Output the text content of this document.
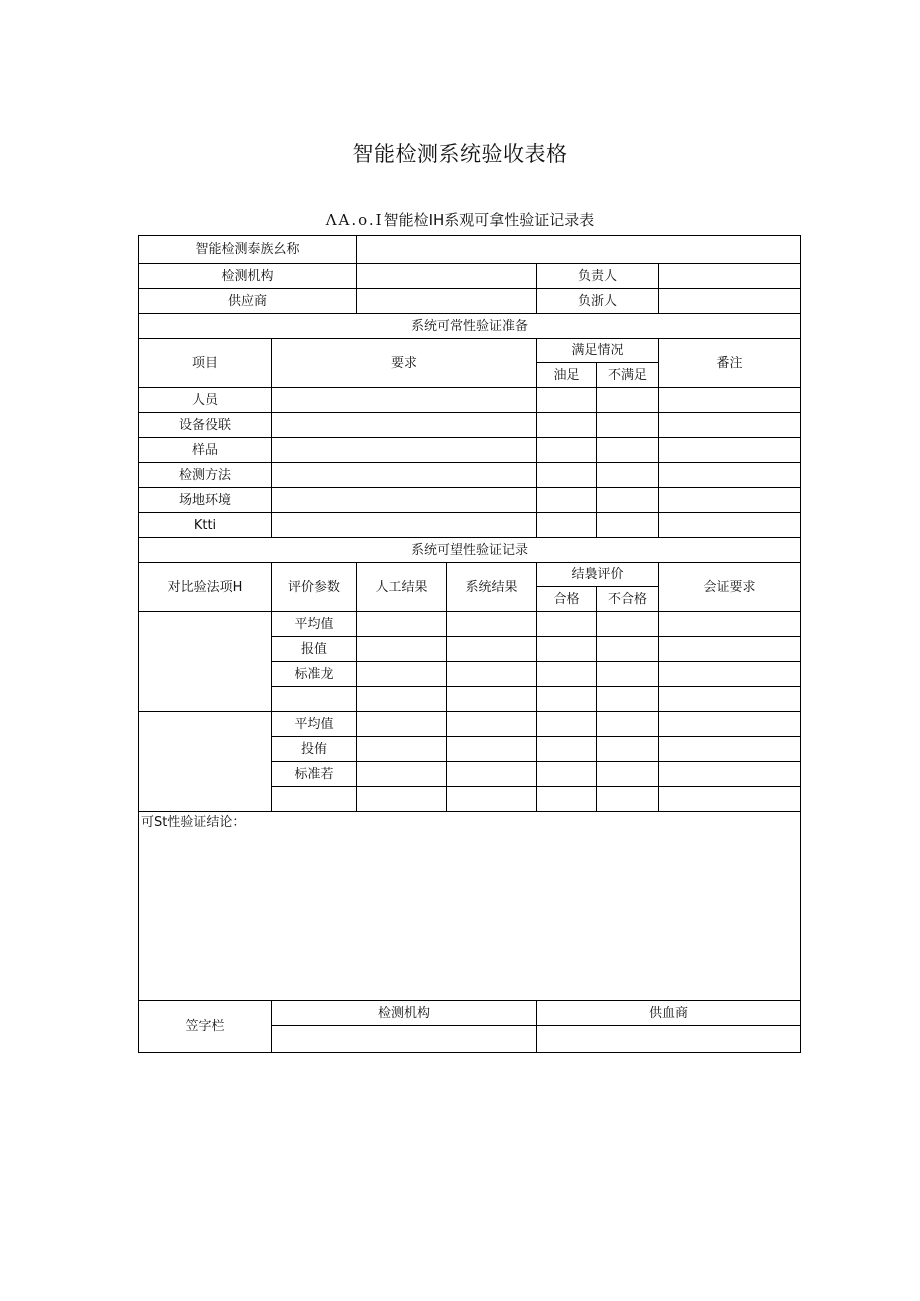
智能检测系统验收表格
ΛA.o.I智能检IH系观可拿性验证记录表
智能检测泰族幺称						
检测机构				负责人		
供应商				负浙人		
系统可常性验证准备						
项目	要求			满足情况		番注
				油足	不满足	
人员						
设备役联						
样品						
检测方法						
场地环境						
Ktti						
系统可望性验证记录						
对比验法项H	评价参数	人工结果	系统结果	结裊评价		会证要求
				合格	不合格	
	平均值					
	报值					
	标准龙					

	平均值					
	投侑					
	标准若					

可St性验证结论：						
笠字栏	检测机构			供血商		
